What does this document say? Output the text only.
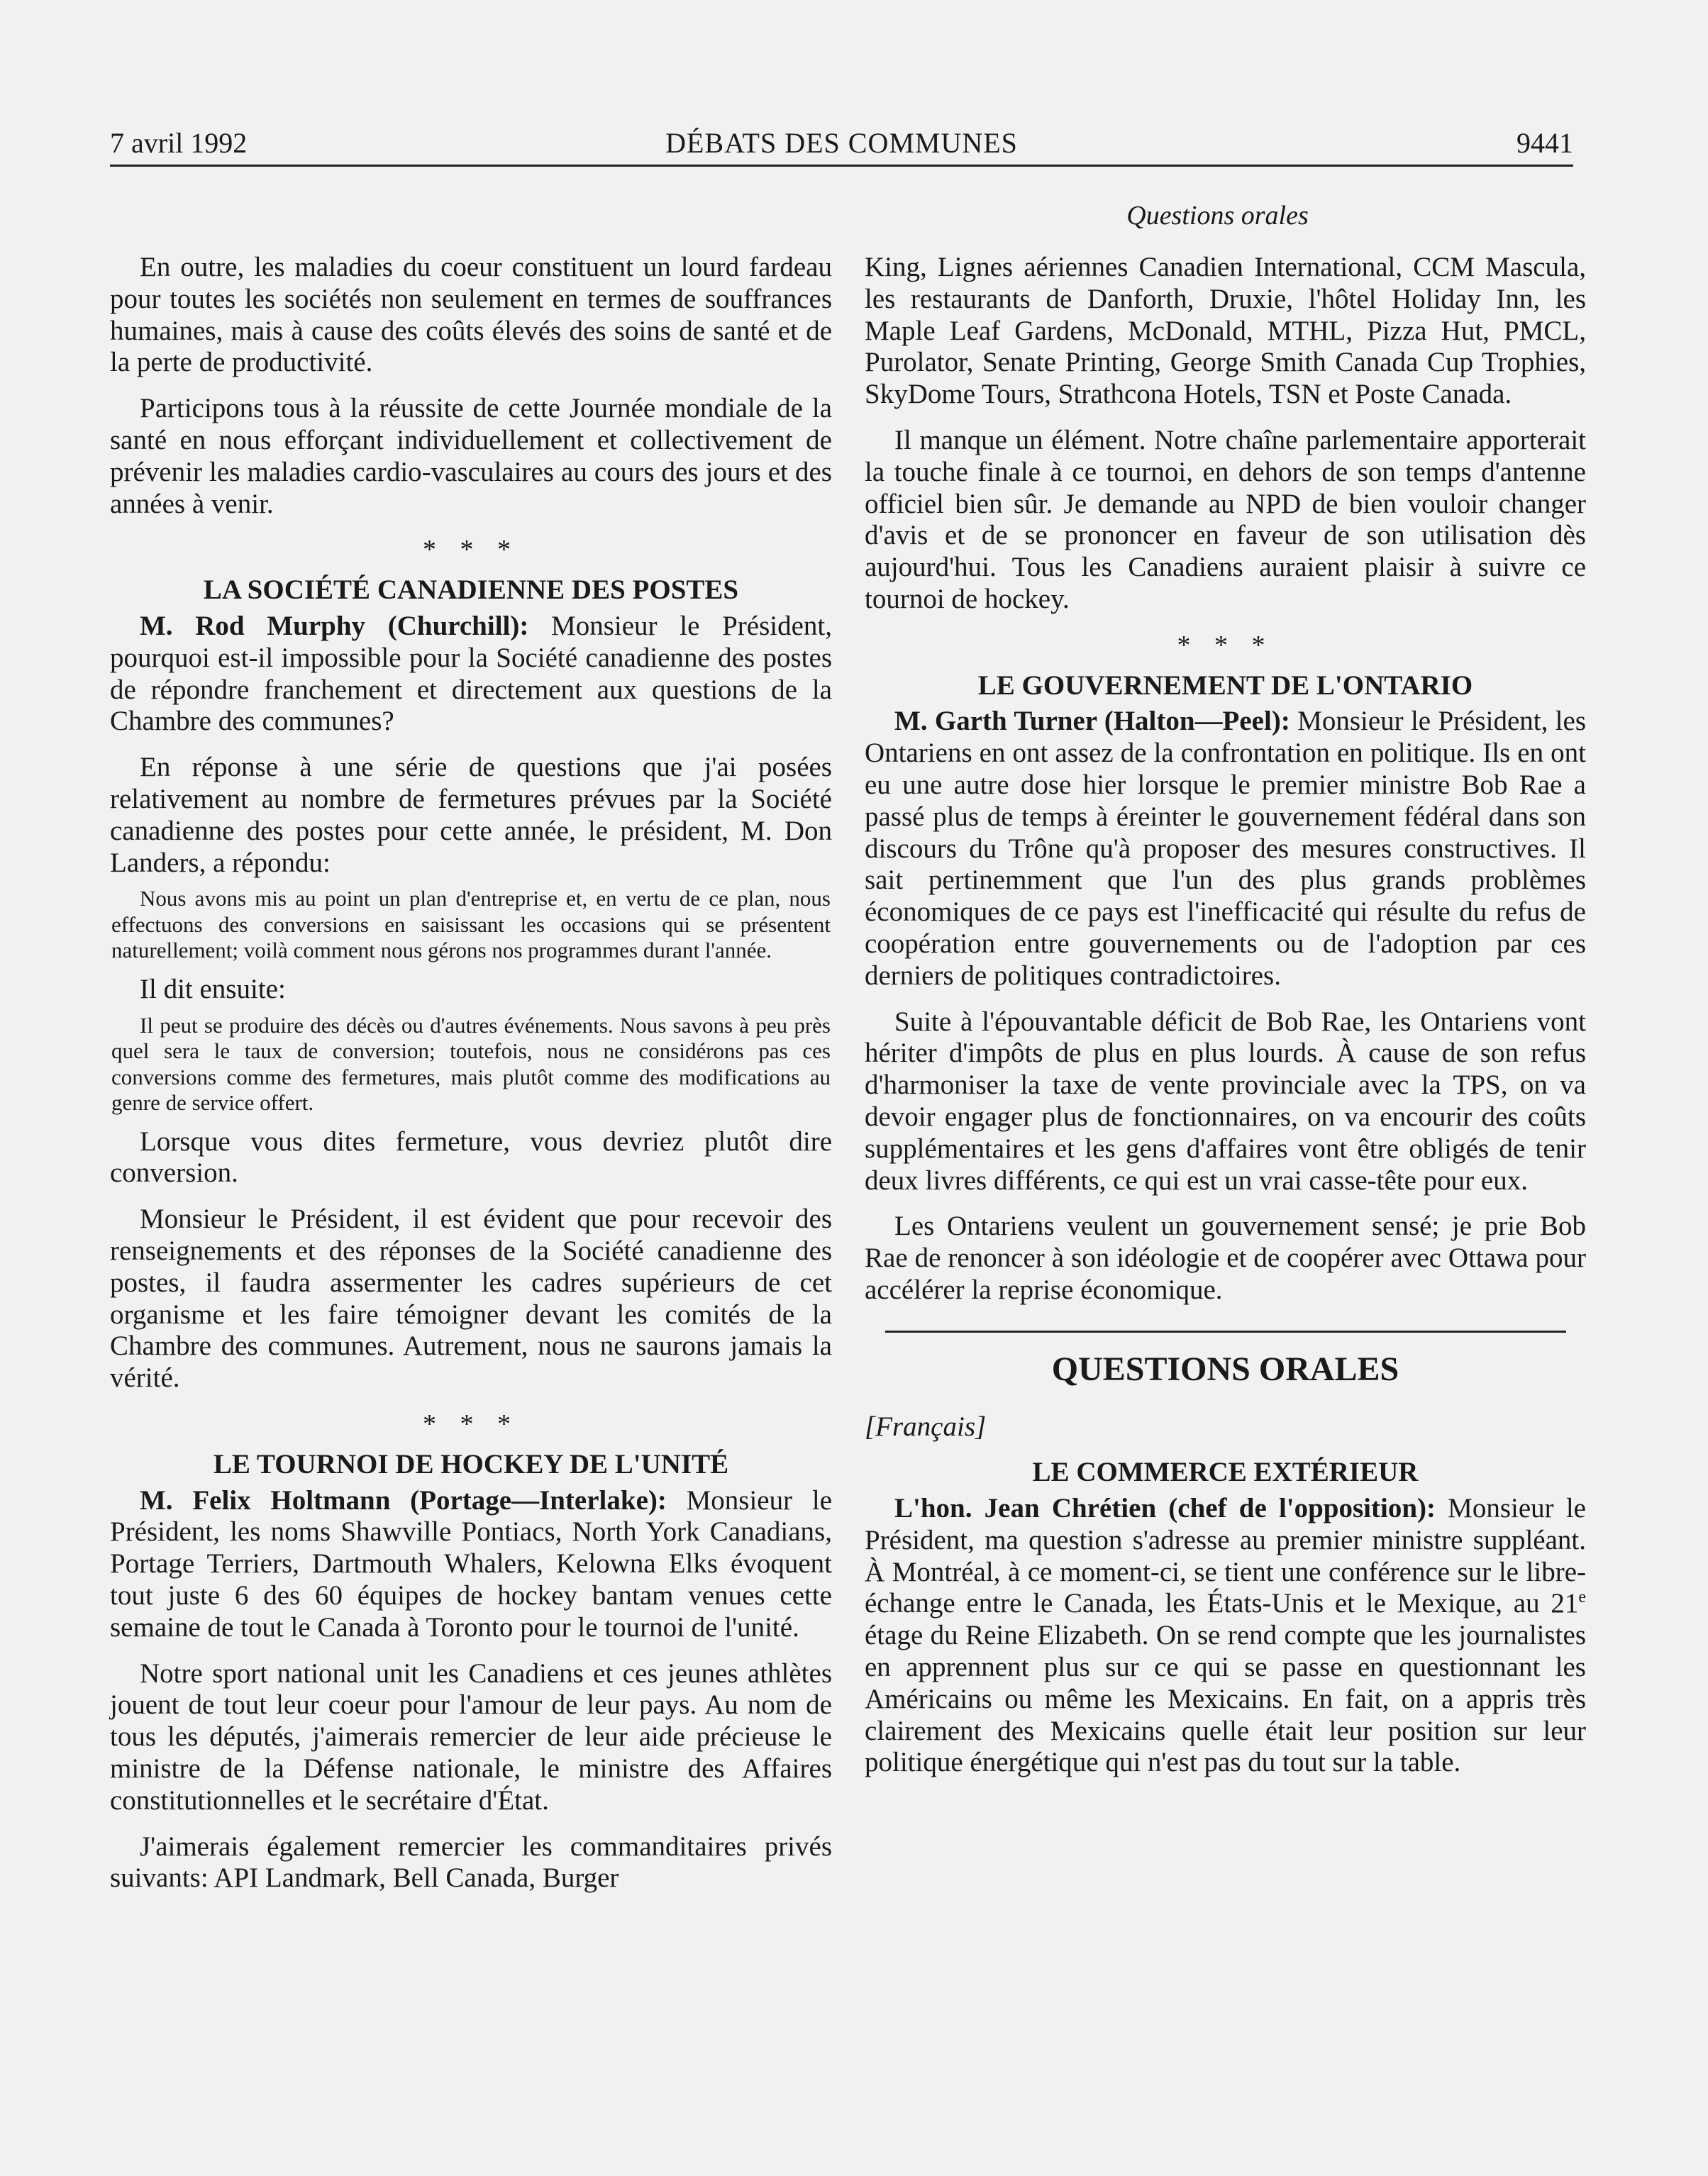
7 avril 1992	DÉBATS DES COMMUNES	9441
Questions orales

En outre, les maladies du coeur constituent un lourd fardeau pour toutes les sociétés non seulement en termes de souffrances humaines, mais à cause des coûts élevés des soins de santé et de la perte de productivité.

Participons tous à la réussite de cette Journée mondiale de la santé en nous efforçant individuellement et collectivement de prévenir les maladies cardio-vasculaires au cours des jours et des années à venir.

* * *
LA SOCIÉTÉ CANADIENNE DES POSTES

M. Rod Murphy (Churchill): Monsieur le Président, pourquoi est-il impossible pour la Société canadienne des postes de répondre franchement et directement aux questions de la Chambre des communes?

En réponse à une série de questions que j'ai posées relativement au nombre de fermetures prévues par la Société canadienne des postes pour cette année, le président, M. Don Landers, a répondu:

Nous avons mis au point un plan d'entreprise et, en vertu de ce plan, nous effectuons des conversions en saisissant les occasions qui se présentent naturellement; voilà comment nous gérons nos programmes durant l'année.

Il dit ensuite:

Il peut se produire des décès ou d'autres événements. Nous savons à peu près quel sera le taux de conversion; toutefois, nous ne considérons pas ces conversions comme des fermetures, mais plutôt comme des modifications au genre de service offert.

Lorsque vous dites fermeture, vous devriez plutôt dire conversion.

Monsieur le Président, il est évident que pour recevoir des renseignements et des réponses de la Société canadienne des postes, il faudra assermenter les cadres supérieurs de cet organisme et les faire témoigner devant les comités de la Chambre des communes. Autrement, nous ne saurons jamais la vérité.

* * *
LE TOURNOI DE HOCKEY DE L'UNITÉ

M. Felix Holtmann (Portage—Interlake): Monsieur le Président, les noms Shawville Pontiacs, North York Canadians, Portage Terriers, Dartmouth Whalers, Kelowna Elks évoquent tout juste 6 des 60 équipes de hockey bantam venues cette semaine de tout le Canada à Toronto pour le tournoi de l'unité.

Notre sport national unit les Canadiens et ces jeunes athlètes jouent de tout leur coeur pour l'amour de leur pays. Au nom de tous les députés, j'aimerais remercier de leur aide précieuse le ministre de la Défense nationale, le ministre des Affaires constitutionnelles et le secrétaire d'État.

J'aimerais également remercier les commanditaires privés suivants: API Landmark, Bell Canada, Burger

King, Lignes aériennes Canadien International, CCM Mascula, les restaurants de Danforth, Druxie, l'hôtel Holiday Inn, les Maple Leaf Gardens, McDonald, MTHL, Pizza Hut, PMCL, Purolator, Senate Printing, George Smith Canada Cup Trophies, SkyDome Tours, Strathcona Hotels, TSN et Poste Canada.

Il manque un élément. Notre chaîne parlementaire apporterait la touche finale à ce tournoi, en dehors de son temps d'antenne officiel bien sûr. Je demande au NPD de bien vouloir changer d'avis et de se prononcer en faveur de son utilisation dès aujourd'hui. Tous les Canadiens auraient plaisir à suivre ce tournoi de hockey.

* * *
LE GOUVERNEMENT DE L'ONTARIO

M. Garth Turner (Halton—Peel): Monsieur le Président, les Ontariens en ont assez de la confrontation en politique. Ils en ont eu une autre dose hier lorsque le premier ministre Bob Rae a passé plus de temps à éreinter le gouvernement fédéral dans son discours du Trône qu'à proposer des mesures constructives. Il sait pertinemment que l'un des plus grands problèmes économiques de ce pays est l'inefficacité qui résulte du refus de coopération entre gouvernements ou de l'adoption par ces derniers de politiques contradictoires.

Suite à l'épouvantable déficit de Bob Rae, les Ontariens vont hériter d'impôts de plus en plus lourds. À cause de son refus d'harmoniser la taxe de vente provinciale avec la TPS, on va devoir engager plus de fonctionnaires, on va encourir des coûts supplémentaires et les gens d'affaires vont être obligés de tenir deux livres différents, ce qui est un vrai casse-tête pour eux.

Les Ontariens veulent un gouvernement sensé; je prie Bob Rae de renoncer à son idéologie et de coopérer avec Ottawa pour accélérer la reprise économique.

QUESTIONS ORALES

[Français]

LE COMMERCE EXTÉRIEUR

L'hon. Jean Chrétien (chef de l'opposition): Monsieur le Président, ma question s'adresse au premier ministre suppléant. À Montréal, à ce moment-ci, se tient une conférence sur le libre-échange entre le Canada, les États-Unis et le Mexique, au 21e étage du Reine Elizabeth. On se rend compte que les journalistes en apprennent plus sur ce qui se passe en questionnant les Américains ou même les Mexicains. En fait, on a appris très clairement des Mexicains quelle était leur position sur leur politique énergétique qui n'est pas du tout sur la table.
